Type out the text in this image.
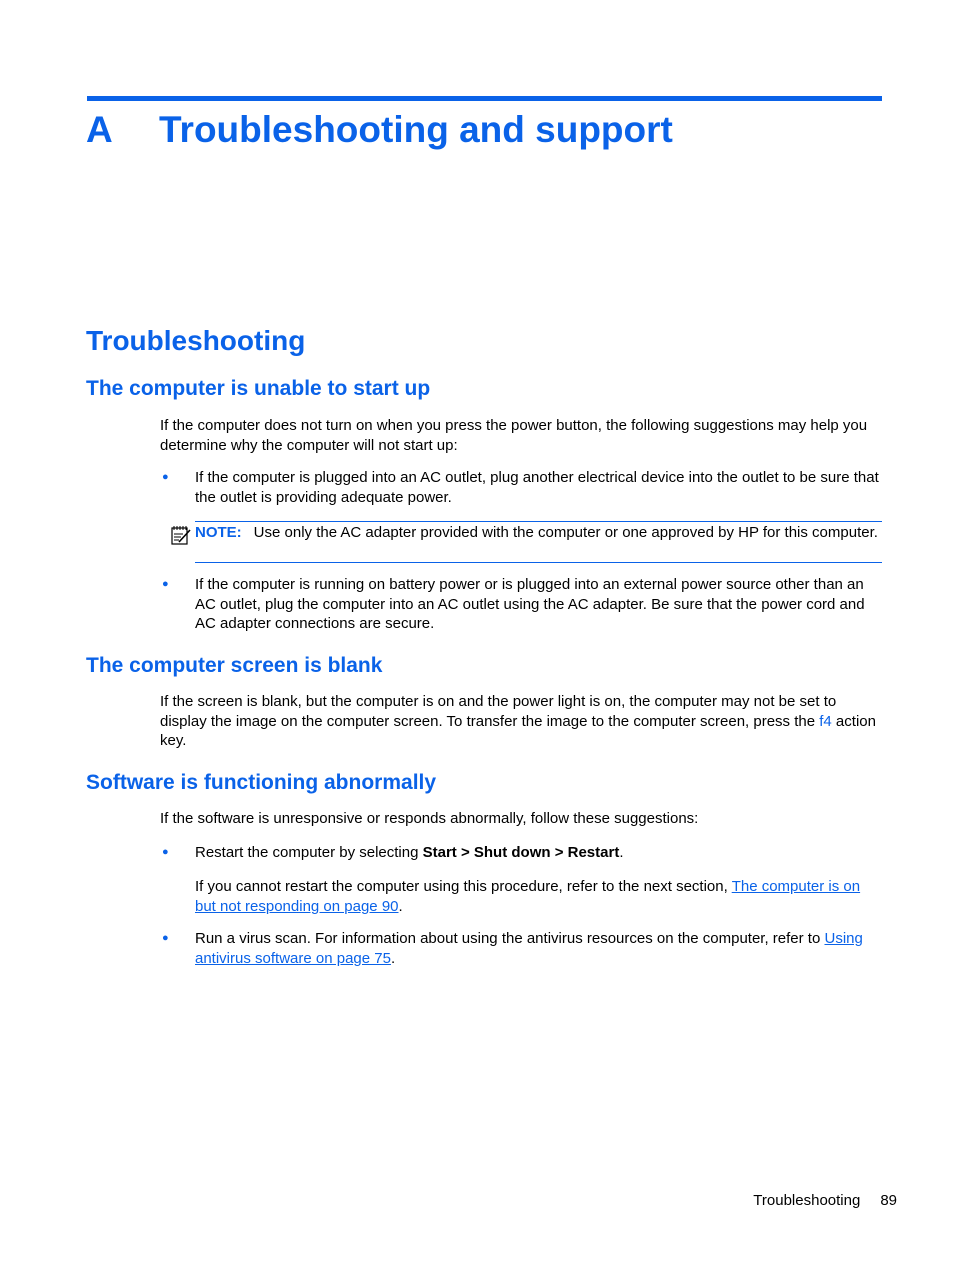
A Troubleshooting and support
Troubleshooting
The computer is unable to start up

If the computer does not turn on when you press the power button, the following suggestions may help you determine why the computer will not start up:

● If the computer is plugged into an AC outlet, plug another electrical device into the outlet to be sure that the outlet is providing adequate power.
NOTE: Use only the AC adapter provided with the computer or one approved by HP for this computer.
● If the computer is running on battery power or is plugged into an external power source other than an AC outlet, plug the computer into an AC outlet using the AC adapter. Be sure that the power cord and AC adapter connections are secure.
The computer screen is blank

If the screen is blank, but the computer is on and the power light is on, the computer may not be set to display the image on the computer screen. To transfer the image to the computer screen, press the f4 action key.

Software is functioning abnormally

If the software is unresponsive or responds abnormally, follow these suggestions:

● Restart the computer by selecting Start > Shut down > Restart.

If you cannot restart the computer using this procedure, refer to the next section, The computer is on but not responding on page 90.

● Run a virus scan. For information about using the antivirus resources on the computer, refer to Using antivirus software on page 75.
Troubleshooting 89
